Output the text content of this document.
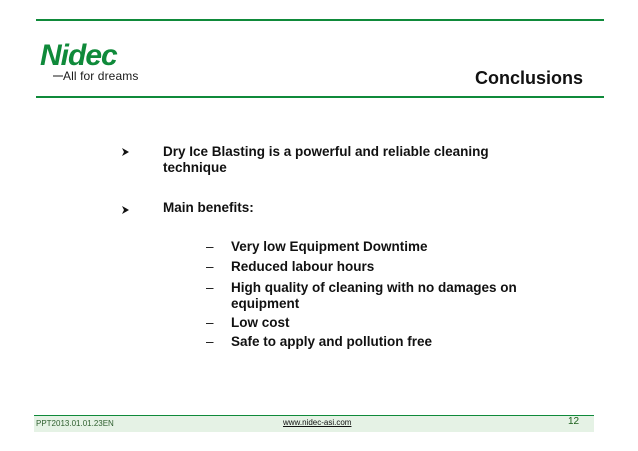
Nidec
All for dreams	Conclusions
Dry Ice Blasting is a powerful and reliable cleaning technique
Main benefits:
–	Very low Equipment Downtime
–	Reduced labour hours
–	High quality of cleaning with no damages on equipment
–	Low cost
–	Safe to apply and pollution free
PPT2013.01.01.23EN	www.nidec-asi.com	12
